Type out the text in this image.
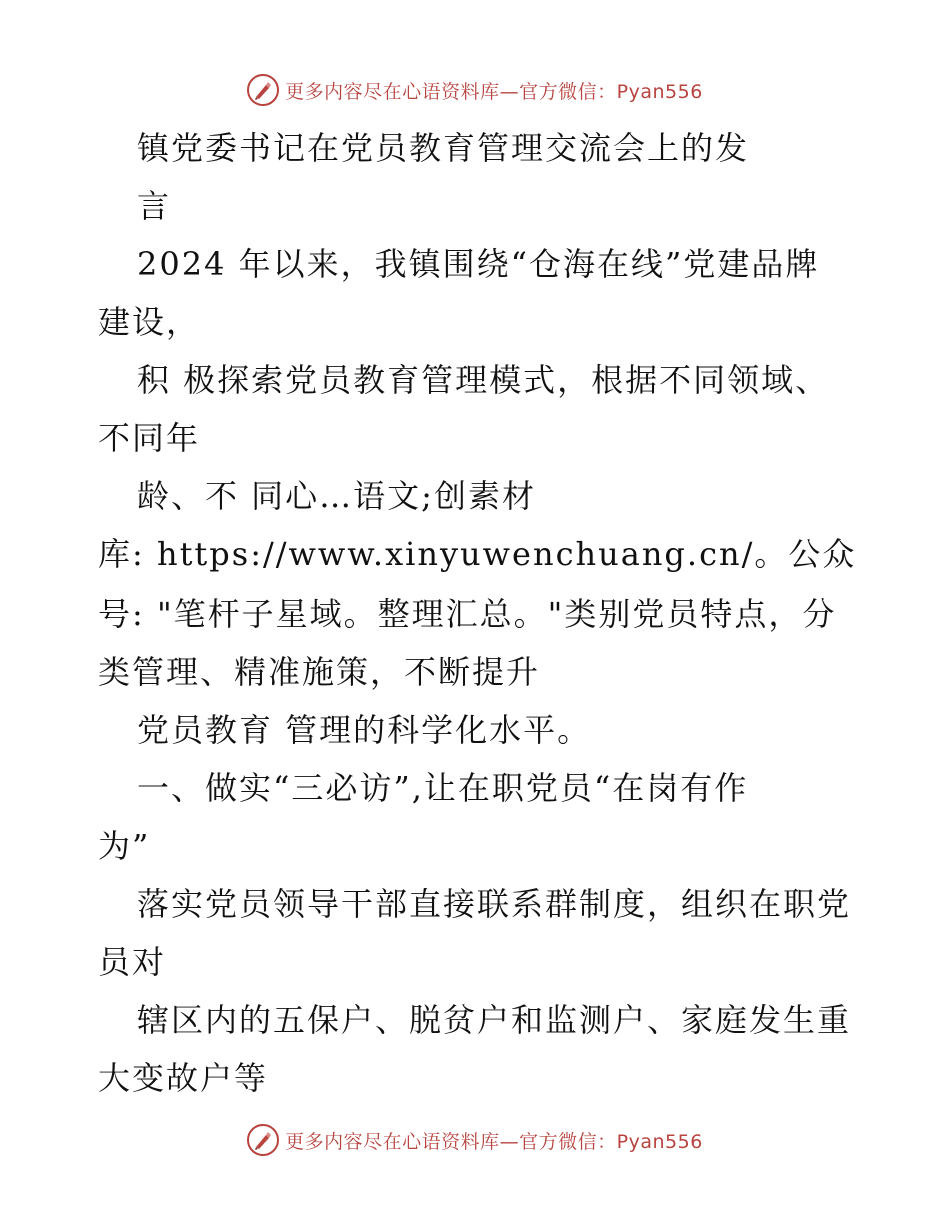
更多内容尽在心语资料库—官方微信：Pyan556
镇党委书记在党员教育管理交流会上的发
言
2024 年以来，我镇围绕“仓海在线”党建品牌
建设，
积 极探索党员教育管理模式，根据不同领域、
不同年
龄、不 同心…语文;创素材
库: https://www.xinyuwenchuang.cn/。公众
号: "笔杆子星域。整理汇总。"类别党员特点，分
类管理、精准施策，不断提升
党员教育 管理的科学化水平。
一、做实“三必访”,让在职党员“在岗有作
为”
落实党员领导干部直接联系群制度，组织在职党
员对
辖区内的五保户、脱贫户和监测户、家庭发生重
大变故户等
更多内容尽在心语资料库—官方微信：Pyan556
